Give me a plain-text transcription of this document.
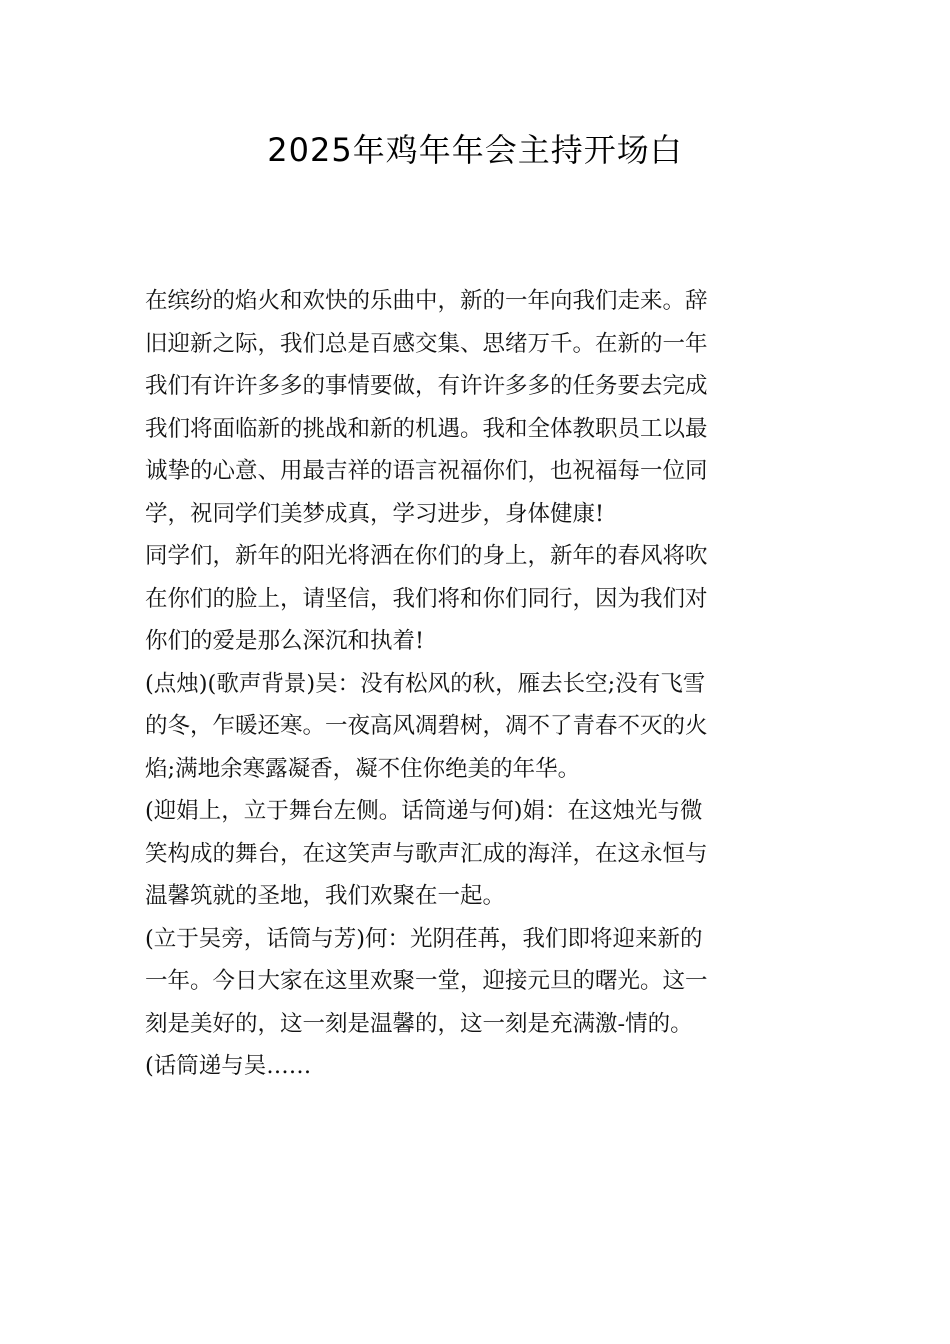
2025年鸡年年会主持开场白
在缤纷的焰火和欢快的乐曲中，新的一年向我们走来。辞
旧迎新之际，我们总是百感交集、思绪万千。在新的一年
我们有许许多多的事情要做，有许许多多的任务要去完成
我们将面临新的挑战和新的机遇。我和全体教职员工以最
诚挚的心意、用最吉祥的语言祝福你们，也祝福每一位同
学，祝同学们美梦成真，学习进步，身体健康!
同学们，新年的阳光将洒在你们的身上，新年的春风将吹
在你们的脸上，请坚信，我们将和你们同行，因为我们对
你们的爱是那么深沉和执着!
(点烛)(歌声背景)吴：没有松风的秋，雁去长空;没有飞雪
的冬，乍暖还寒。一夜高风凋碧树，凋不了青春不灭的火
焰;满地余寒露凝香，凝不住你绝美的年华。
(迎娟上，立于舞台左侧。话筒递与何)娟：在这烛光与微
笑构成的舞台，在这笑声与歌声汇成的海洋，在这永恒与
温馨筑就的圣地，我们欢聚在一起。
(立于吴旁，话筒与芳)何：光阴荏苒，我们即将迎来新的
一年。今日大家在这里欢聚一堂，迎接元旦的曙光。这一
刻是美好的，这一刻是温馨的，这一刻是充满激-情的。
(话筒递与吴……
